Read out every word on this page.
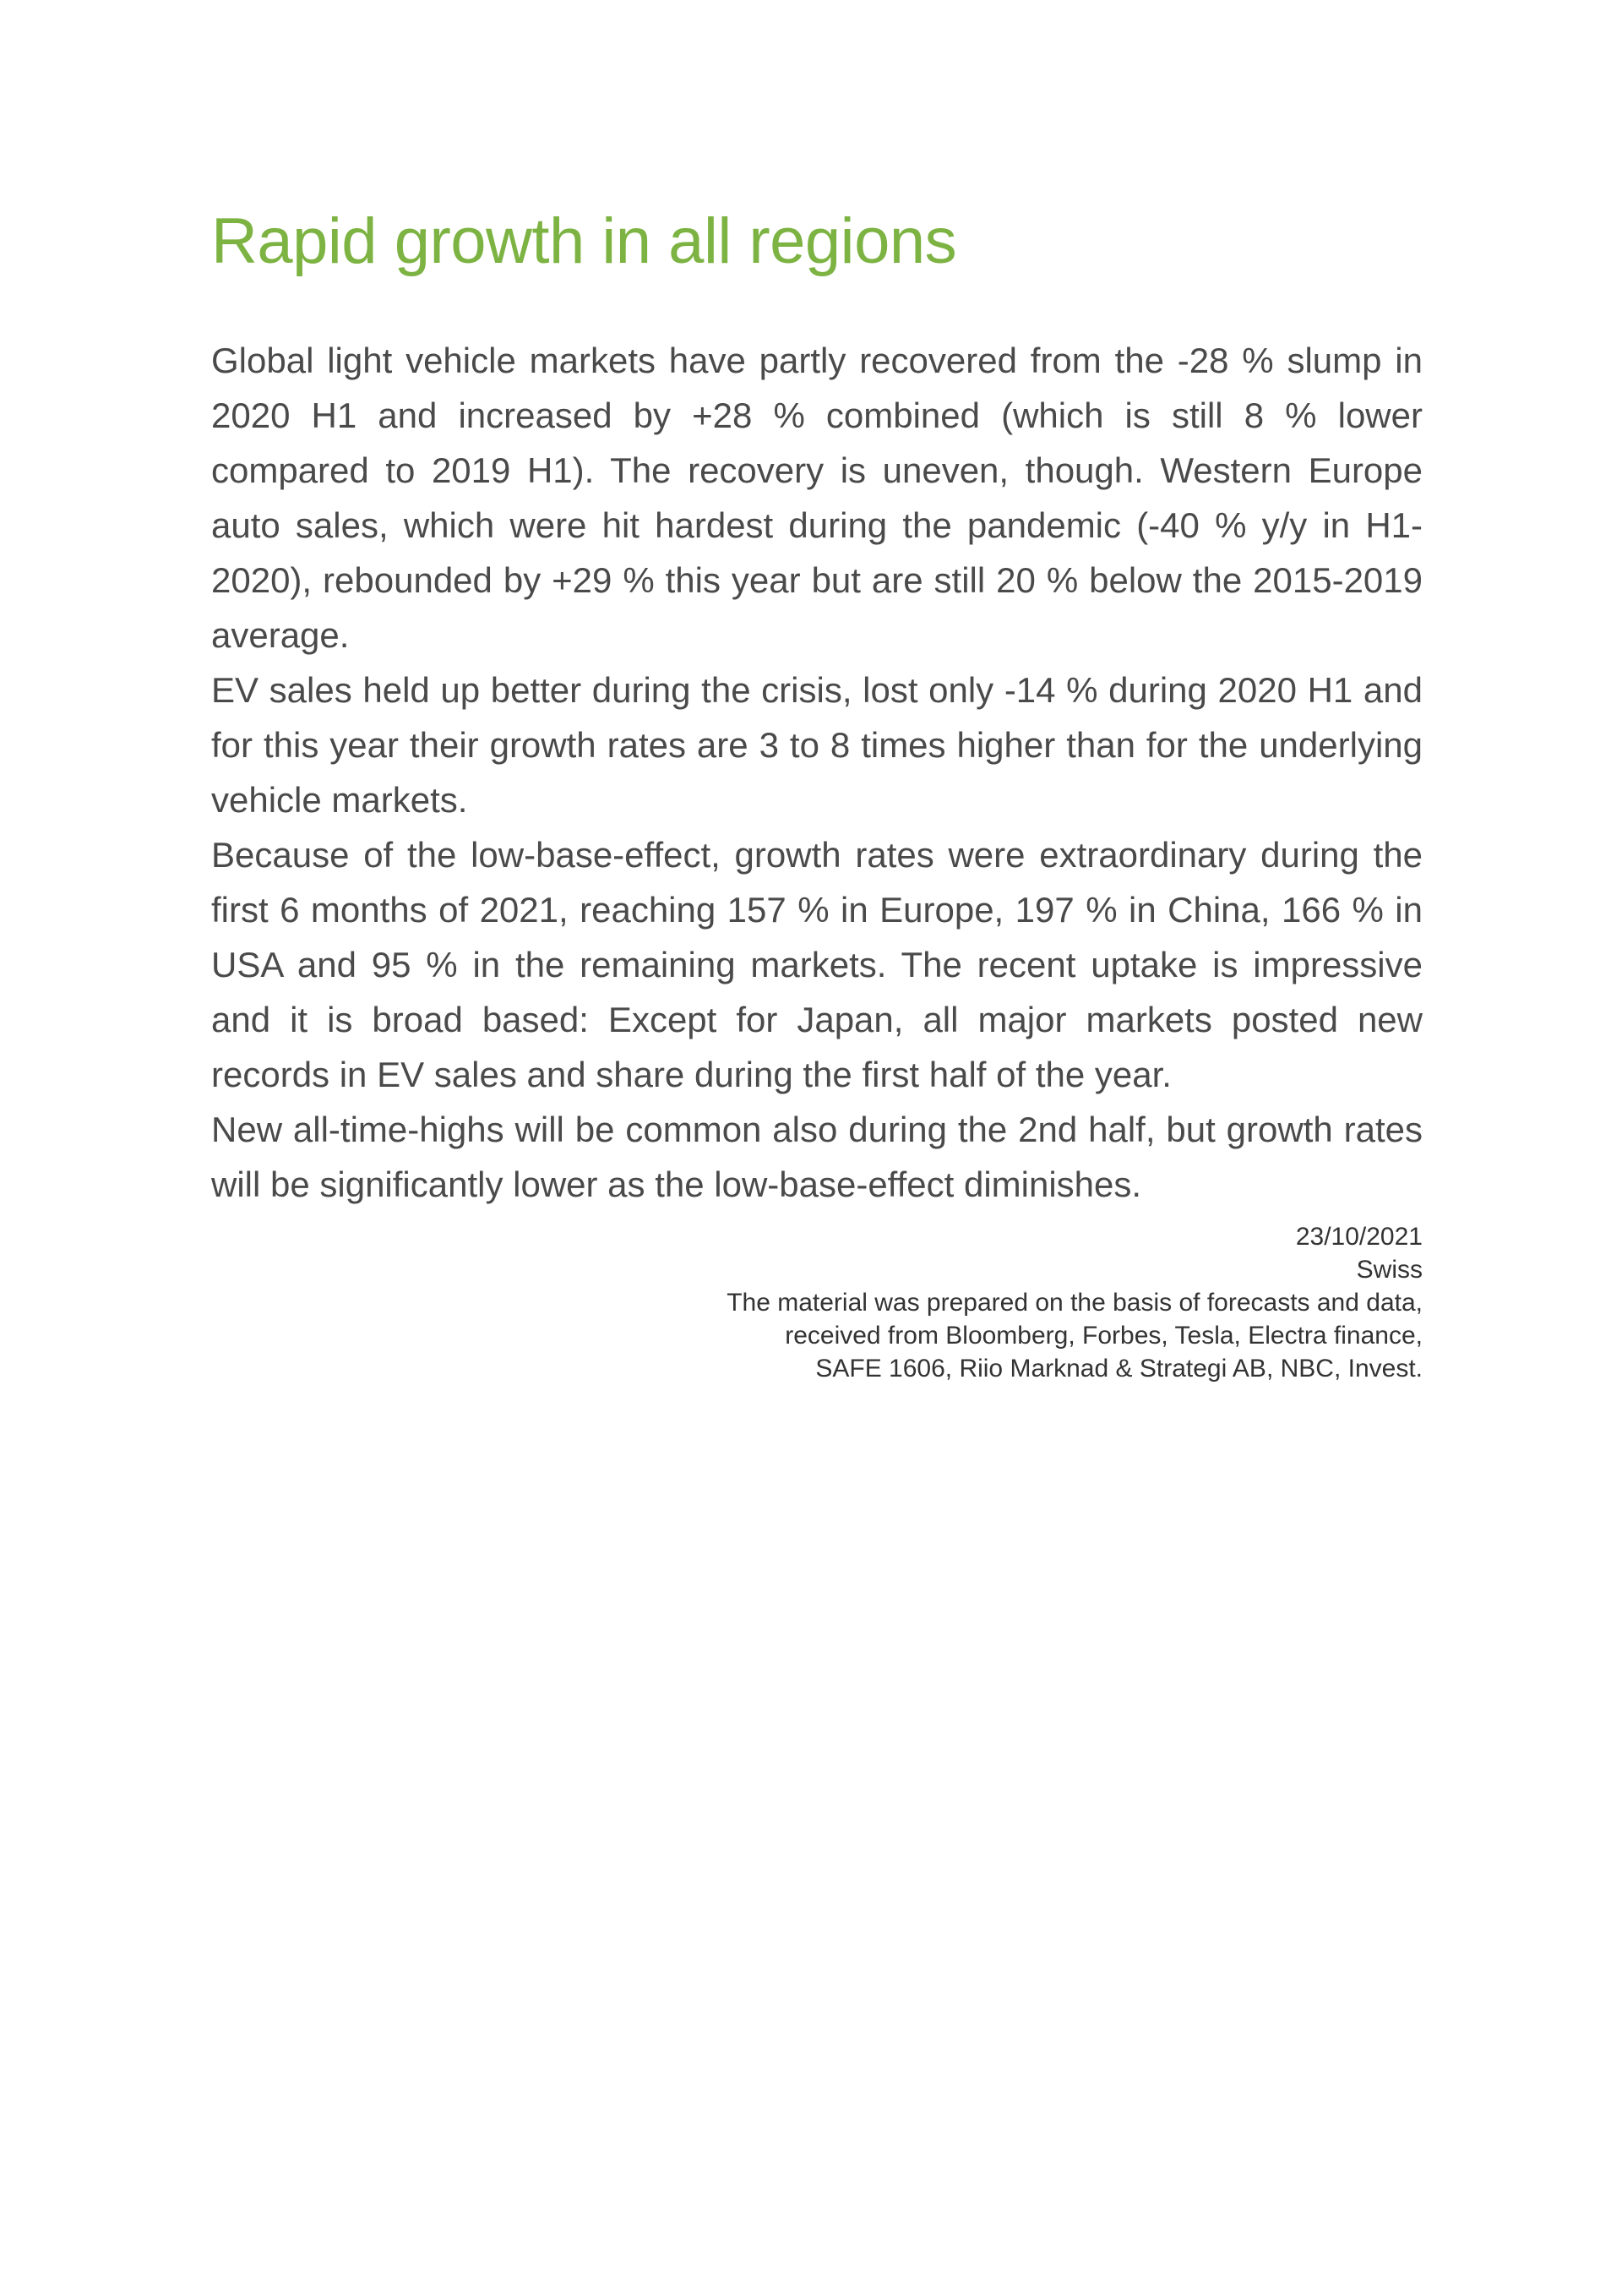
Rapid growth in all regions

Global light vehicle markets have partly recovered from the -28 % slump in 2020 H1 and increased by +28 % combined (which is still 8 % lower compared to 2019 H1). The recovery is uneven, though. Western Europe auto sales, which were hit hardest during the pandemic (-40 % y/y in H1-2020), rebounded by +29 % this year but are still 20 % below the 2015-2019 average.

EV sales held up better during the crisis, lost only -14 % during 2020 H1 and for this year their growth rates are 3 to 8 times higher than for the underlying vehicle markets.

Because of the low-base-effect, growth rates were extraordinary during the first 6 months of 2021, reaching 157 % in Europe, 197 % in China, 166 % in USA and 95 % in the remaining markets. The recent uptake is impressive and it is broad based: Except for Japan, all major markets posted new records in EV sales and share during the first half of the year.

New all-time-highs will be common also during the 2nd half, but growth rates will be significantly lower as the low-base-effect diminishes.

23/10/2021
Swiss
The material was prepared on the basis of forecasts and data,
received from Bloomberg, Forbes, Tesla, Electra finance,
SAFE 1606, Riio Marknad & Strategi AB, NBC, Invest.
